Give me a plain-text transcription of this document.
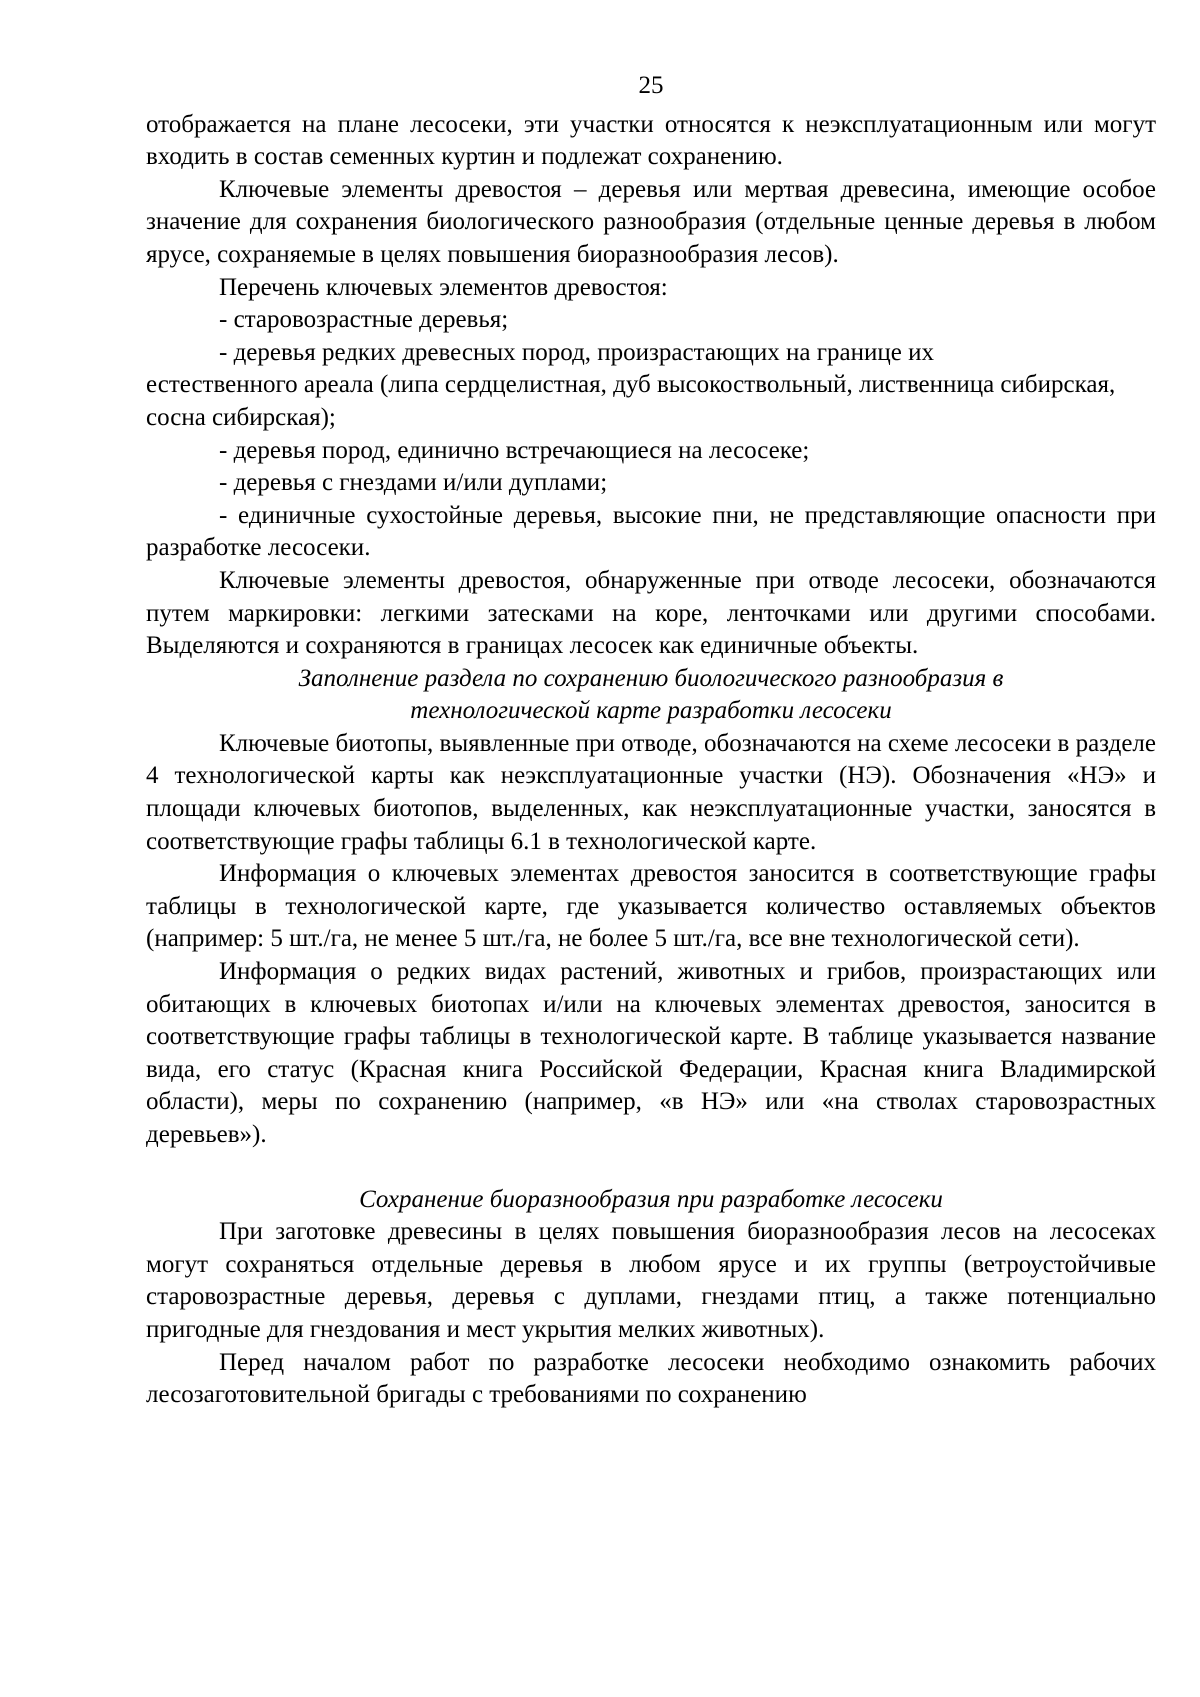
25

отображается на плане лесосеки, эти участки относятся к неэксплуатационным или могут входить в состав семенных куртин и подлежат сохранению.

Ключевые элементы древостоя – деревья или мертвая древесина, имеющие особое значение для сохранения биологического разнообразия (отдельные ценные деревья в любом ярусе, сохраняемые в целях повышения биоразнообразия лесов).

Перечень ключевых элементов древостоя:

- старовозрастные деревья;

- деревья редких древесных пород, произрастающих на границе их

естественного ареала (липа сердцелистная, дуб высокоствольный, лиственница сибирская, сосна сибирская);

- деревья пород, единично встречающиеся на лесосеке;

- деревья с гнездами и/или дуплами;

- единичные сухостойные деревья, высокие пни, не представляющие опасности при разработке лесосеки.

Ключевые элементы древостоя, обнаруженные при отводе лесосеки, обозначаются путем маркировки: легкими затесками на коре, ленточками или другими способами. Выделяются и сохраняются в границах лесосек как единичные объекты.

Заполнение раздела по сохранению биологического разнообразия в

технологической карте разработки лесосеки

Ключевые биотопы, выявленные при отводе, обозначаются на схеме лесосеки в разделе 4 технологической карты как неэксплуатационные участки (НЭ). Обозначения «НЭ» и площади ключевых биотопов, выделенных, как неэксплуатационные участки, заносятся в соответствующие графы таблицы 6.1 в технологической карте.

Информация о ключевых элементах древостоя заносится в соответствующие графы таблицы в технологической карте, где указывается количество оставляемых объектов (например: 5 шт./га, не менее 5 шт./га, не более 5 шт./га, все вне технологической сети).

Информация о редких видах растений, животных и грибов, произрастающих или обитающих в ключевых биотопах и/или на ключевых элементах древостоя, заносится в соответствующие графы таблицы в технологической карте. В таблице указывается название вида, его статус (Красная книга Российской Федерации, Красная книга Владимирской области), меры по сохранению (например, «в НЭ» или «на стволах старовозрастных деревьев»).

Сохранение биоразнообразия при разработке лесосеки

При заготовке древесины в целях повышения биоразнообразия лесов на лесосеках могут сохраняться отдельные деревья в любом ярусе и их группы (ветроустойчивые старовозрастные деревья, деревья с дуплами, гнездами птиц, а также потенциально пригодные для гнездования и мест укрытия мелких животных).

Перед началом работ по разработке лесосеки необходимо ознакомить рабочих лесозаготовительной бригады с требованиями по сохранению
